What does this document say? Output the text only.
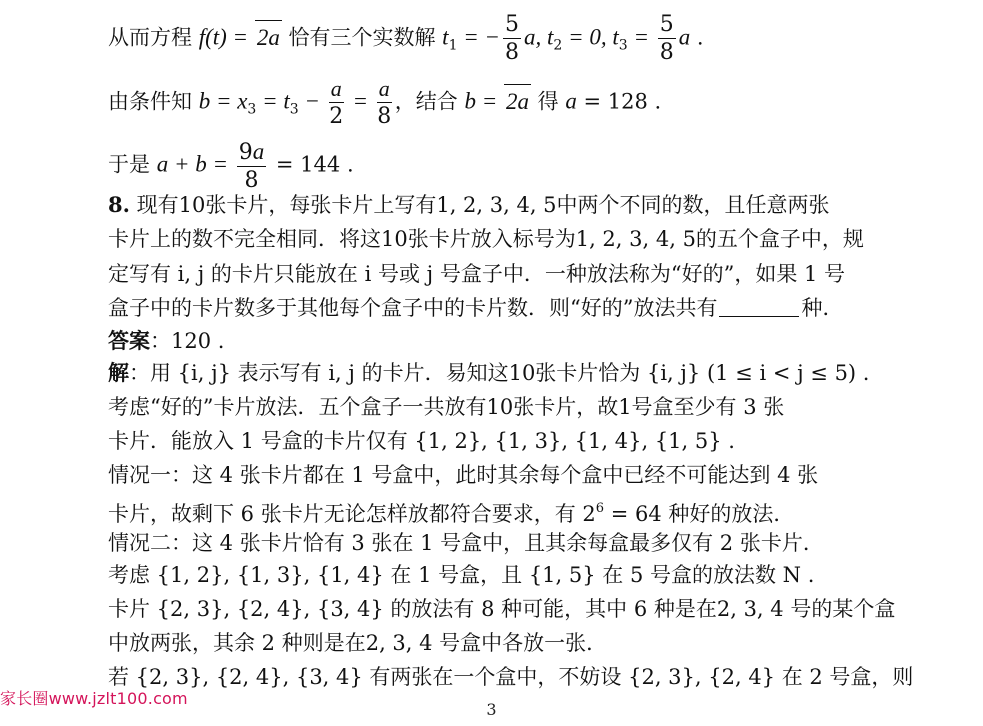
从而方程 f(t) = 2a 恰有三个实数解 $t_1$ = − $\frac{5}{8} a$, $t_2 = 0$, $t_3 = \frac{5}{8}$ a .
由条件知 $b = x_3 = t_3 - \frac{a}{2} = \frac{a}{8}$ ，结合 b = 2a 得 a = 128 .
于是 $a + b = \frac{9a}{8} = 144$ .
8. 现有10张卡片，每张卡片上写有1, 2, 3, 4, 5中两个不同的数，且任意两张
卡片上的数不完全相同．将这10张卡片放入标号为1, 2, 3, 4, 5的五个盒子中，规
定写有 i, j 的卡片只能放在 i 号或 j 号盒子中．一种放法称为“好的”，如果 1 号
盒子中的卡片数多于其他每个盒子中的卡片数．则“好的”放法共有	种．
答案：120 .
解：用 {i, j} 表示写有 i, j 的卡片．易知这10张卡片恰为 {i, j} (1 ≤ i < j ≤ 5) .
考虑“好的”卡片放法．五个盒子一共放有10张卡片，故1号盒至少有 3 张
卡片．能放入 1 号盒的卡片仅有 {1, 2}, {1, 3}, {1, 4}, {1, 5} .
情况一：这 4 张卡片都在 1 号盒中，此时其余每个盒中已经不可能达到 4 张
卡片，故剩下 6 张卡片无论怎样放都符合要求，有 $2^6 = 64$ 种好的放法．
情况二：这 4 张卡片恰有 3 张在 1 号盒中，且其余每盒最多仅有 2 张卡片．
考虑 {1, 2}, {1, 3}, {1, 4} 在 1 号盒，且 {1, 5} 在 5 号盒的放法数 N .
卡片 {2, 3}, {2, 4}, {3, 4} 的放法有 8 种可能，其中 6 种是在2, 3, 4 号的某个盒
中放两张，其余 2 种则是在2, 3, 4 号盒中各放一张．
若 {2, 3}, {2, 4}, {3, 4} 有两张在一个盒中，不妨设 {2, 3}, {2, 4} 在 2 号盒，则
家长圈www.jzlt100.com
3
